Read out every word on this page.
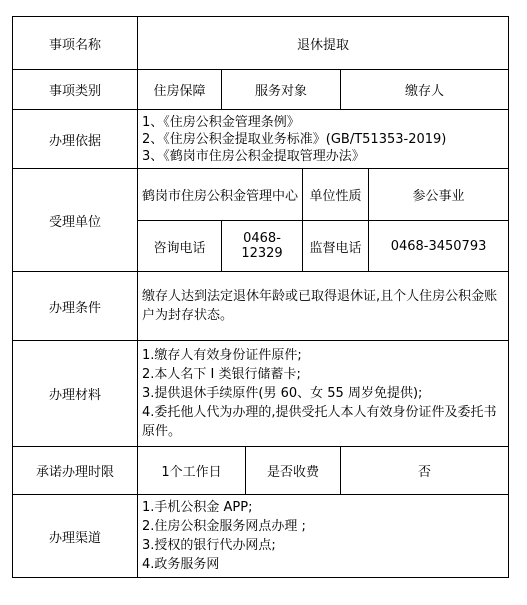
事项名称	退休提取					
事项类别	住房保障	服务对象			缴存人	
办理依据	1、《住房公积金管理条例》
2、《住房公积金提取业务标准》(GB/T51353-2019)
3、《鹤岗市住房公积金提取管理办法》					

受理单位	鹤岗市住房公积金管理中心			单位性质		参公事业
	咨询电话	0468-12329		监督电话		0468-3450793
办理条件	缴存人达到法定退休年龄或已取得退休证,且个人住房公积金账户为封存状态。					
办理材料	1.缴存人有效身份证件原件;
2.本人名下 I 类银行储蓄卡;
3.提供退休手续原件(男 60、女 55 周岁免提供);
4.委托他人代为办理的,提供受托人本人有效身份证件及委托书原件。					

承诺办理时限	1个工作日		是否收费		否	
办理渠道	1.手机公积金 APP;
2.住房公积金服务网点办理 ;
3.授权的银行代办网点;
4.政务服务网					
